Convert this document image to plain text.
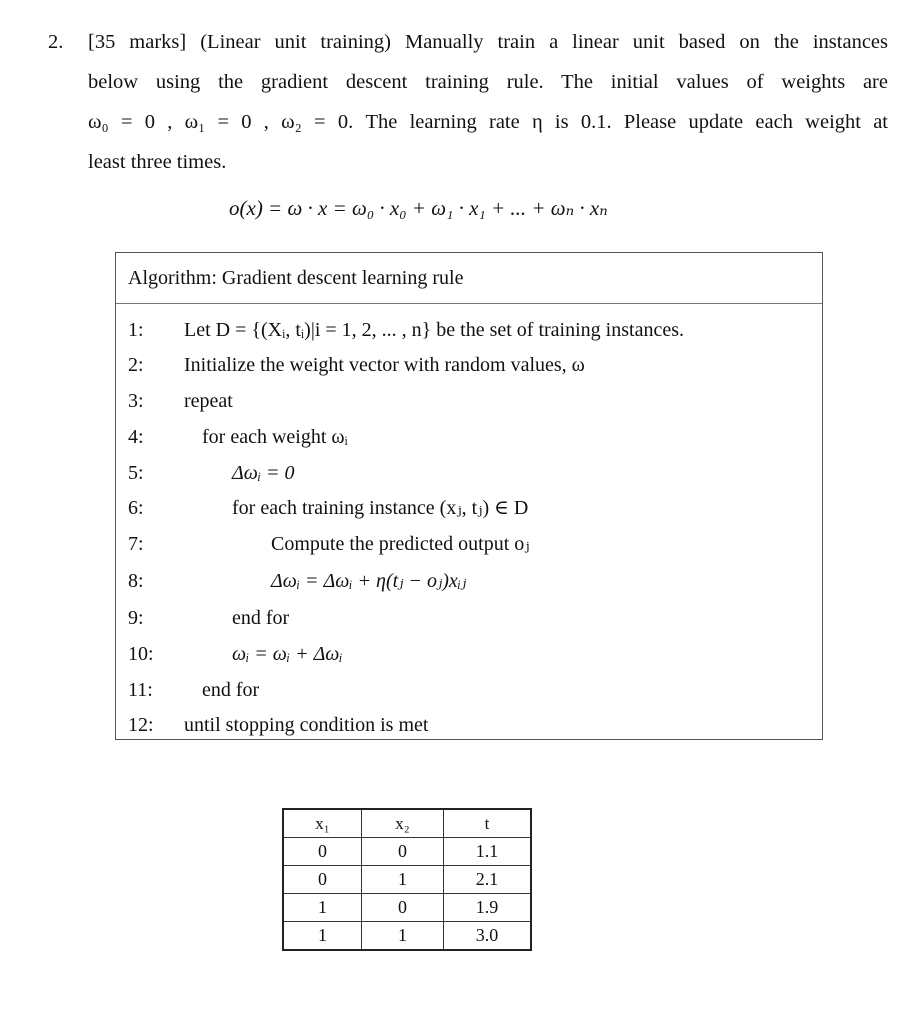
2. [35 marks] (Linear unit training) Manually train a linear unit based on the instances
below using the gradient descent training rule. The initial values of weights are
ω₀ = 0 , ω₁ = 0 , ω₂ = 0. The learning rate η is 0.1. Please update each weight at
least three times.
o(x) = ω · x = ω₀ · x₀ + ω₁ · x₁ + ... + ωₙ · xₙ
Algorithm: Gradient descent learning rule
1: Let D = {(Xᵢ, tᵢ)|i = 1, 2, ... , n} be the set of training instances.
2: Initialize the weight vector with random values, ω
3: repeat
4:	for each weight ωᵢ
5:	Δωᵢ = 0
6:	for each training instance (xⱼ, tⱼ) ∈ D
7:	Compute the predicted output oⱼ
8:	Δωᵢ = Δωᵢ + η(tⱼ − oⱼ)xᵢⱼ
9:	end for
10:	ωᵢ = ωᵢ + Δωᵢ
11: end for
12: until stopping condition is met
x₁	x₂	t
0	0	1.1
0	1	2.1
1	0	1.9
1	1	3.0
